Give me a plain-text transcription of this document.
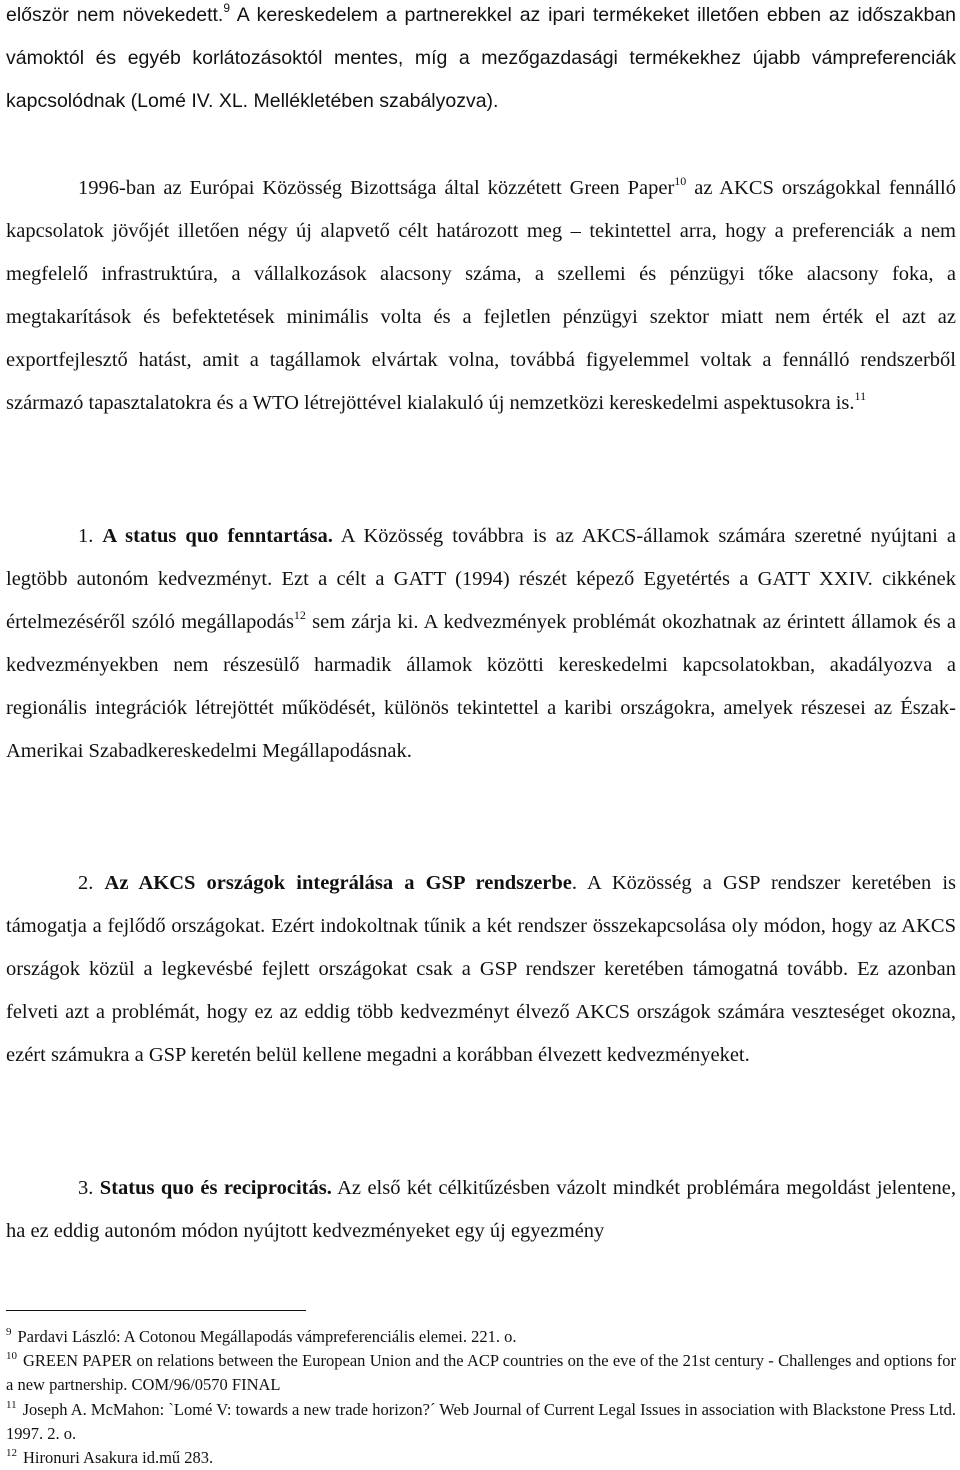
először nem növekedett.$^9$ A kereskedelem a partnerekkel az ipari termékeket illetően ebben az időszakban vámoktól és egyéb korlátozásoktól mentes, míg a mezőgazdasági termékekhez újabb vámpreferenciák kapcsolódnak (Lomé IV. XL. Mellékletében szabályozva).

1996-ban az Európai Közösség Bizottsága által közzétett Green Paper$^{10}$ az AKCS országokkal fennálló kapcsolatok jövőjét illetően négy új alapvető célt határozott meg – tekintettel arra, hogy a preferenciák a nem megfelelő infrastruktúra, a vállalkozások alacsony száma, a szellemi és pénzügyi tőke alacsony foka, a megtakarítások és befektetések minimális volta és a fejletlen pénzügyi szektor miatt nem érték el azt az exportfejlesztő hatást, amit a tagállamok elvártak volna, továbbá figyelemmel voltak a fennálló rendszerből származó tapasztalatokra és a WTO létrejöttével kialakuló új nemzetközi kereskedelmi aspektusokra is.$^{11}$

1. A status quo fenntartása. A Közösség továbbra is az AKCS-államok számára szeretné nyújtani a legtöbb autonóm kedvezményt. Ezt a célt a GATT (1994) részét képező Egyetértés a GATT XXIV. cikkének értelmezéséről szóló megállapodás$^{12}$ sem zárja ki. A kedvezmények problémát okozhatnak az érintett államok és a kedvezményekben nem részesülő harmadik államok közötti kereskedelmi kapcsolatokban, akadályozva a regionális integrációk létrejöttét működését, különös tekintettel a karibi országokra, amelyek részesei az Észak-Amerikai Szabadkereskedelmi Megállapodásnak.

2. Az AKCS országok integrálása a GSP rendszerbe. A Közösség a GSP rendszer keretében is támogatja a fejlődő országokat. Ezért indokoltnak tűnik a két rendszer összekapcsolása oly módon, hogy az AKCS országok közül a legkevésbé fejlett országokat csak a GSP rendszer keretében támogatná tovább. Ez azonban felveti azt a problémát, hogy ez az eddig több kedvezményt élvező AKCS országok számára veszteséget okozna, ezért számukra a GSP keretén belül kellene megadni a korábban élvezett kedvezményeket.

3. Status quo és reciprocitás. Az első két célkitűzésben vázolt mindkét problémára megoldást jelentene, ha ez eddig autonóm módon nyújtott kedvezményeket egy új egyezmény

$^9$ Pardavi László: A Cotonou Megállapodás vámpreferenciális elemei. 221. o.

$^{10}$ GREEN PAPER on relations between the European Union and the ACP countries on the eve of the 21st century - Challenges and options for a new partnership. COM/96/0570 FINAL

$^{11}$ Joseph A. McMahon: `Lomé V: towards a new trade horizon?´ Web Journal of Current Legal Issues in association with Blackstone Press Ltd. 1997. 2. o.

$^{12}$ Hironuri Asakura id.mű 283.
